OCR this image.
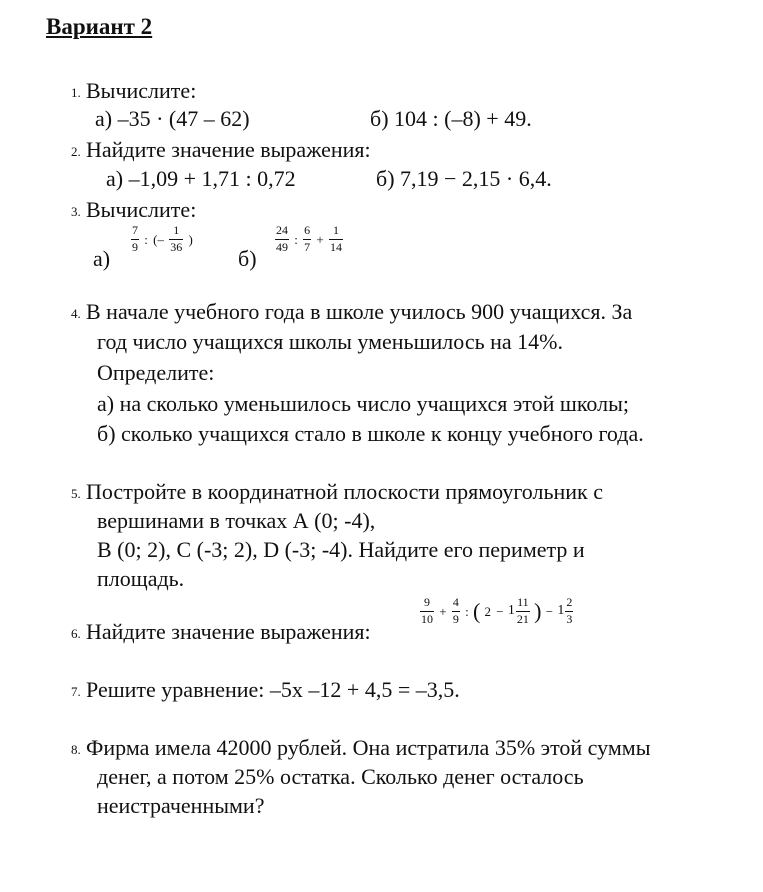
Вариант 2
1. Вычислите:
а) –35 · (47 – 62)	б) 104 : (–8) + 49.
2. Найдите значение выражения:
а) –1,09 + 1,71 : 0,72	б) 7,19 − 2,15 · 6,4.
3. Вычислите:
а)
$\frac{7}{9}$ : (– $\frac{1}{36}$ )
б)
$\frac{24}{49}$ : $\frac{6}{7} + \frac{1}{14}$
4. В начале учебного года в школе училось 900 учащихся. За
год число учащихся школы уменьшилось на 14%.
Определите:
а) на сколько уменьшилось число учащихся этой школы;
б) сколько учащихся стало в школе к концу учебного года.
5. Постройте в координатной плоскости прямоугольник с
вершинами в точках А (0; -4),
В (0; 2), С (-3; 2), D (-3; -4). Найдите его периметр и
площадь.
6. Найдите значение выражения:
$\frac{9}{10} + \frac{4}{9}$ : ( $2 - 1 \frac{11}{21}$ ) − $1 \frac{2}{3}$
7. Решите уравнение: –5х –12 + 4,5 = –3,5.
8. Фирма имела 42000 рублей. Она истратила 35% этой суммы
денег, а потом 25% остатка. Сколько денег осталось
неистраченными?
